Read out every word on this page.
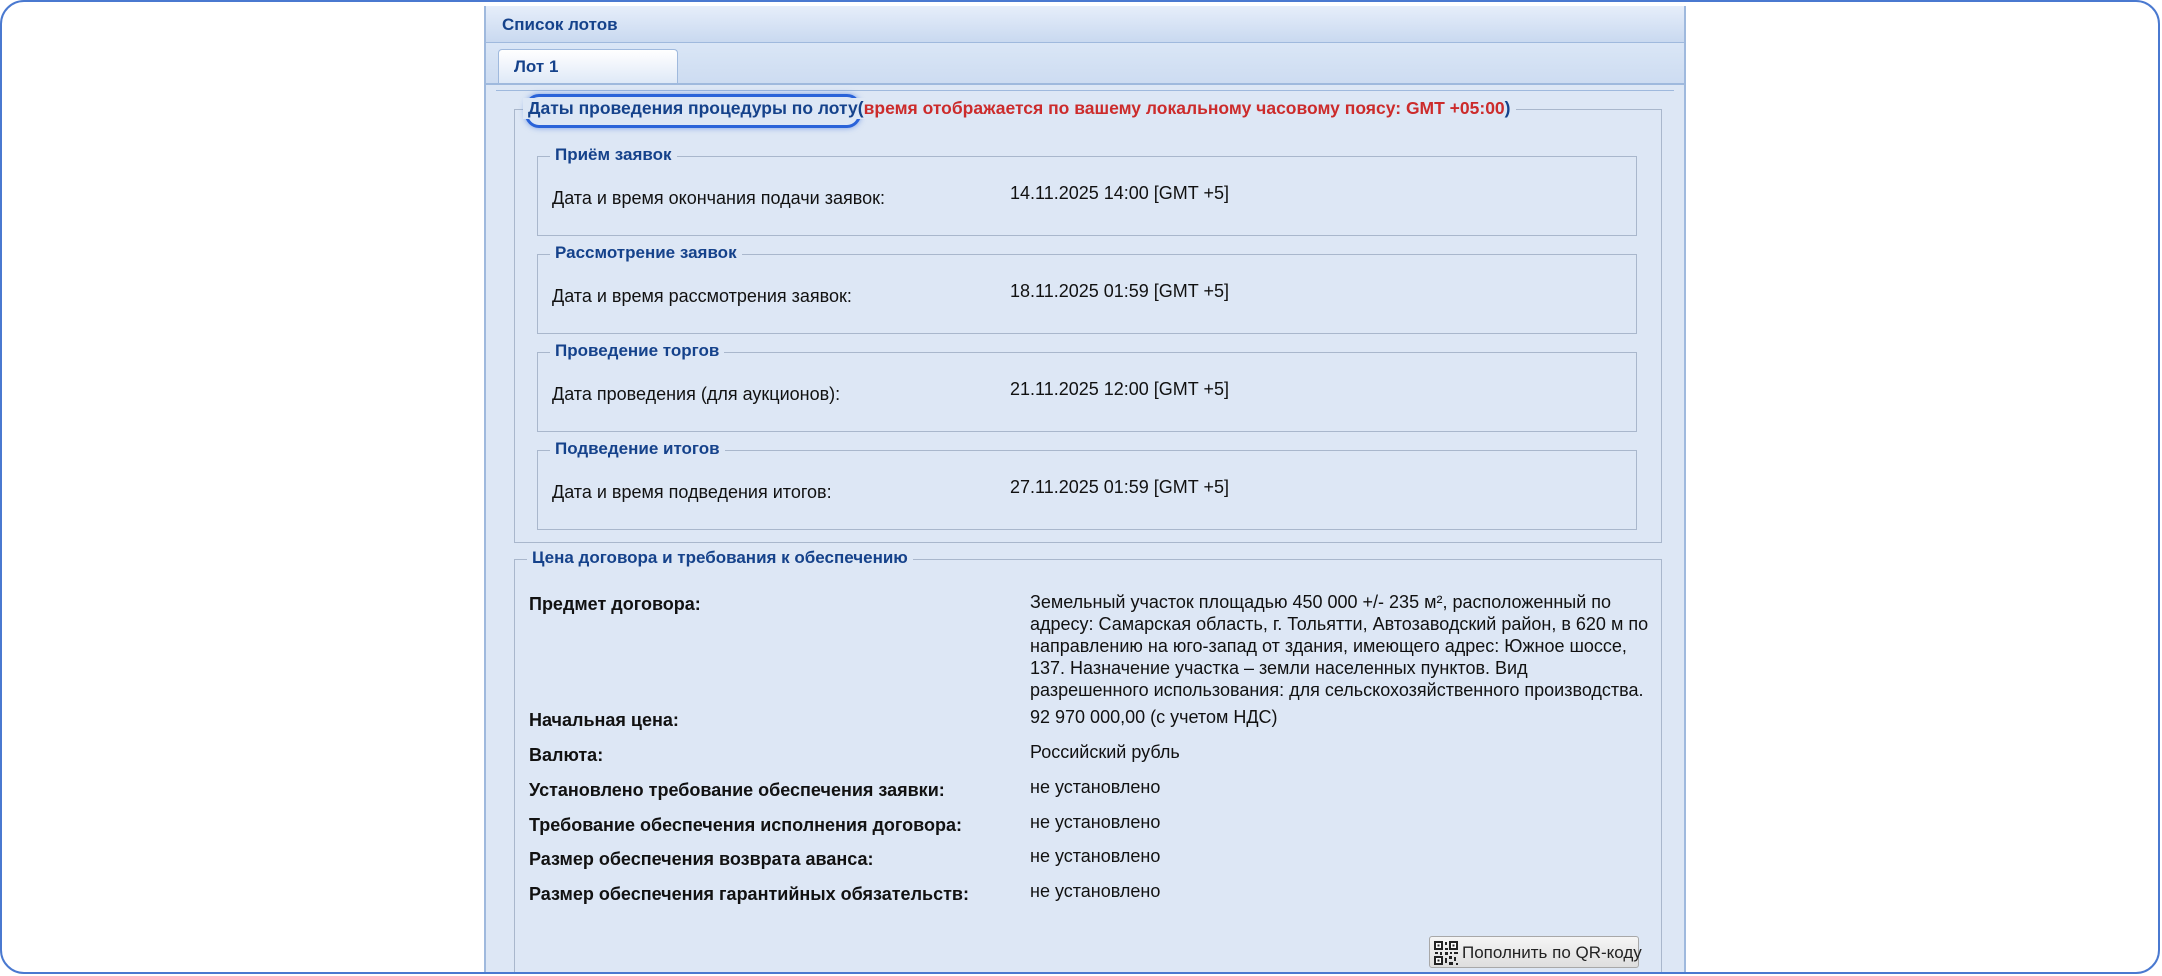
Список лотов
Лот 1
Даты проведения процедуры по лоту(время отображается по вашему локальному часовому поясу: GMT +05:00)
Приём заявок
Дата и время окончания подачи заявок:	14.11.2025 14:00 [GMT +5]
Рассмотрение заявок
Дата и время рассмотрения заявок:	18.11.2025 01:59 [GMT +5]
Проведение торгов
Дата проведения (для аукционов):	21.11.2025 12:00 [GMT +5]
Подведение итогов
Дата и время подведения итогов:	27.11.2025 01:59 [GMT +5]
Цена договора и требования к обеспечению
Предмет договора:	Земельный участок площадью 450 000 +/- 235 м², расположенный по адресу: Самарская область, г. Тольятти, Автозаводский район, в 620 м по направлению на юго-запад от здания, имеющего адрес: Южное шоссе, 137. Назначение участка – земли населенных пунктов. Вид разрешенного использования: для сельскохозяйственного производства.
Начальная цена:	92 970 000,00 (с учетом НДС)
Валюта:	Российский рубль
Установлено требование обеспечения заявки:	не установлено
Требование обеспечения исполнения договора:	не установлено
Размер обеспечения возврата аванса:	не установлено
Размер обеспечения гарантийных обязательств:	не установлено
Пополнить по QR-коду
